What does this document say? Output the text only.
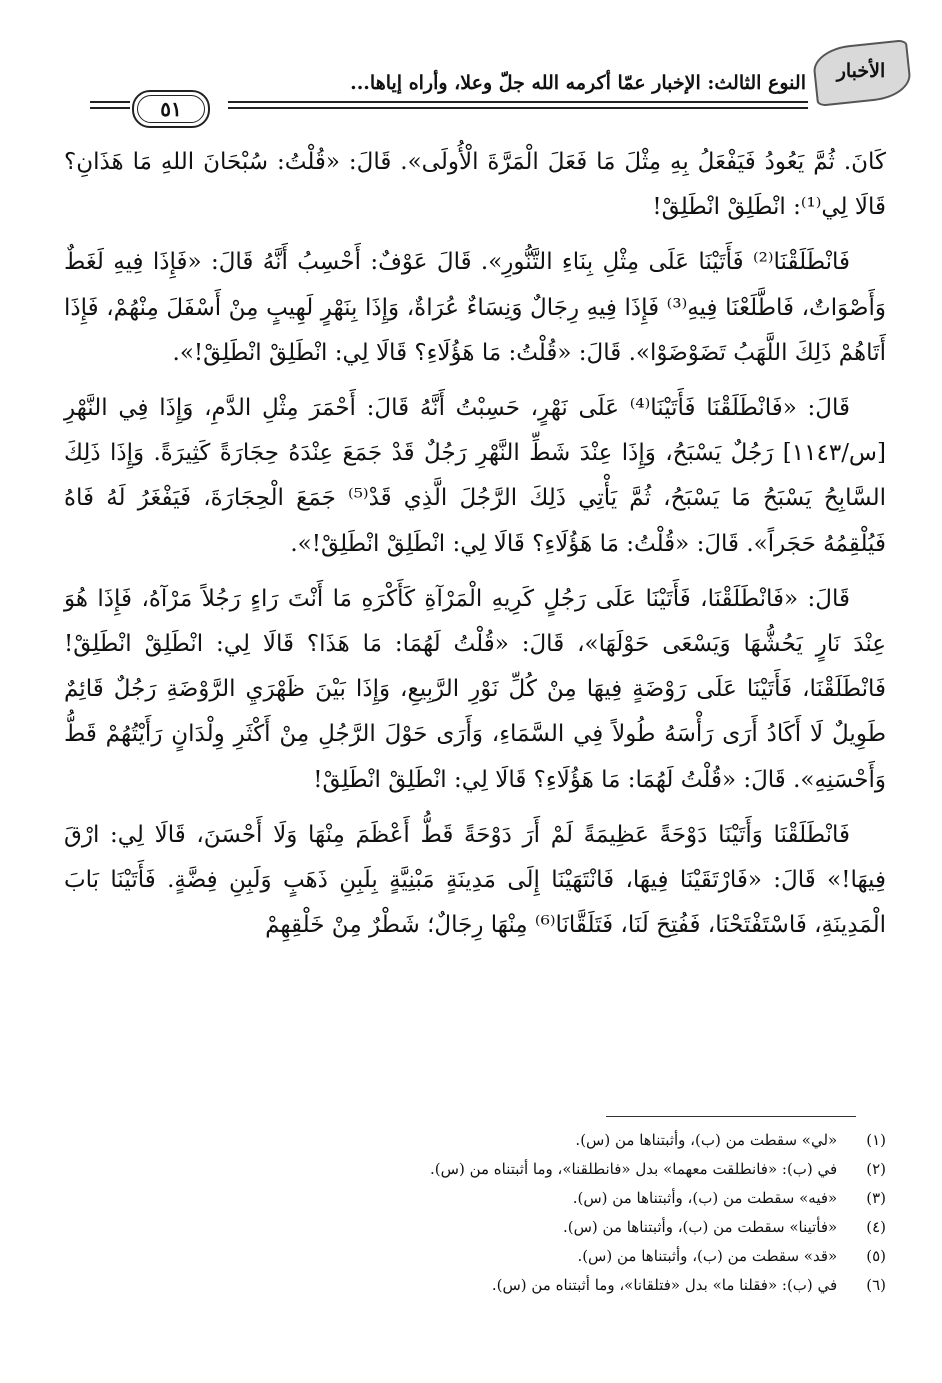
الأخبار
النوع الثالث: الإخبار عمّا أكرمه الله جلّ وعلا، وأراه إياها...
٥١

كَانَ. ثُمَّ يَعُودُ فَيَفْعَلُ بِهِ مِثْلَ مَا فَعَلَ الْمَرَّةَ الْأُولَى». قَالَ: «قُلْتُ: سُبْحَانَ اللهِ مَا هَذَانِ؟ قَالَا لِي⁽¹⁾: انْطَلِقْ انْطَلِقْ!

فَانْطَلَقْنَا⁽²⁾ فَأَتَيْنَا عَلَى مِثْلِ بِنَاءِ التَّنُّورِ». قَالَ عَوْفٌ: أَحْسِبُ أَنَّهُ قَالَ: «فَإِذَا فِيهِ لَغَطٌ وَأَصْوَاتٌ، فَاطَّلَعْنَا فِيهِ⁽³⁾ فَإِذَا فِيهِ رِجَالٌ وَنِسَاءٌ عُرَاةٌ، وَإِذَا بِنَهْرٍ لَهِيبٍ مِنْ أَسْفَلَ مِنْهُمْ، فَإِذَا أَتَاهُمْ ذَلِكَ اللَّهَبُ تَضَوْضَوْا». قَالَ: «قُلْتُ: مَا هَؤُلَاءِ؟ قَالَا لِي: انْطَلِقْ انْطَلِقْ!».

قَالَ: «فَانْطَلَقْنَا فَأَتَيْنَا⁽⁴⁾ عَلَى نَهْرٍ، حَسِبْتُ أَنَّهُ قَالَ: أَحْمَرَ مِثْلِ الدَّمِ، وَإِذَا فِي النَّهْرِ [س/١١٤٣] رَجُلٌ يَسْبَحُ، وَإِذَا عِنْدَ شَطِّ النَّهْرِ رَجُلٌ قَدْ جَمَعَ عِنْدَهُ حِجَارَةً كَثِيرَةً. وَإِذَا ذَلِكَ السَّابِحُ يَسْبَحُ مَا يَسْبَحُ، ثُمَّ يَأْتِي ذَلِكَ الرَّجُلَ الَّذِي قَدْ⁽⁵⁾ جَمَعَ الْحِجَارَةَ، فَيَفْغَرُ لَهُ فَاهُ فَيُلْقِمُهُ حَجَراً». قَالَ: «قُلْتُ: مَا هَؤُلَاءِ؟ قَالَا لِي: انْطَلِقْ انْطَلِقْ!».

قَالَ: «فَانْطَلَقْنَا، فَأَتَيْنَا عَلَى رَجُلٍ كَرِيهِ الْمَرْآةِ كَأَكْرَهِ مَا أَنْتَ رَاءٍ رَجُلاً مَرْآهُ، فَإِذَا هُوَ عِنْدَ نَارٍ يَحُشُّهَا وَيَسْعَى حَوْلَهَا»، قَالَ: «قُلْتُ لَهُمَا: مَا هَذَا؟ قَالَا لِي: انْطَلِقْ انْطَلِقْ! فَانْطَلَقْنَا، فَأَتَيْنَا عَلَى رَوْضَةٍ فِيهَا مِنْ كُلِّ نَوْرِ الرَّبِيعِ، وَإِذَا بَيْنَ ظَهْرَيِ الرَّوْضَةِ رَجُلٌ قَائِمٌ طَوِيلٌ لَا أَكَادُ أَرَى رَأْسَهُ طُولاً فِي السَّمَاءِ، وَأَرَى حَوْلَ الرَّجُلِ مِنْ أَكْثَرِ وِلْدَانٍ رَأَيْتُهُمْ قَطُّ وَأَحْسَنِهِ». قَالَ: «قُلْتُ لَهُمَا: مَا هَؤُلَاءِ؟ قَالَا لِي: انْطَلِقْ انْطَلِقْ!

فَانْطَلَقْنَا وَأَتَيْنَا دَوْحَةً عَظِيمَةً لَمْ أَرَ دَوْحَةً قَطُّ أَعْظَمَ مِنْهَا وَلَا أَحْسَنَ، قَالَا لِي: ارْقَ فِيهَا!» قَالَ: «فَارْتَقَيْنَا فِيهَا، فَانْتَهَيْنَا إِلَى مَدِينَةٍ مَبْنِيَّةٍ بِلَبِنِ ذَهَبٍ وَلَبِنِ فِضَّةٍ. فَأَتَيْنَا بَابَ الْمَدِينَةِ، فَاسْتَفْتَحْنَا، فَفُتِحَ لَنَا، فَتَلَقَّانَا⁽⁶⁾ مِنْهَا رِجَالٌ؛ شَطْرٌ مِنْ خَلْقِهِمْ

(١) «لي» سقطت من (ب)، وأثبتناها من (س).
(٢) في (ب): «فانطلقت معهما» بدل «فانطلقنا»، وما أثبتناه من (س).
(٣) «فيه» سقطت من (ب)، وأثبتناها من (س).
(٤) «فأتينا» سقطت من (ب)، وأثبتناها من (س).
(٥) «قد» سقطت من (ب)، وأثبتناها من (س).
(٦) في (ب): «فقلنا ما» بدل «فتلقانا»، وما أثبتناه من (س).
